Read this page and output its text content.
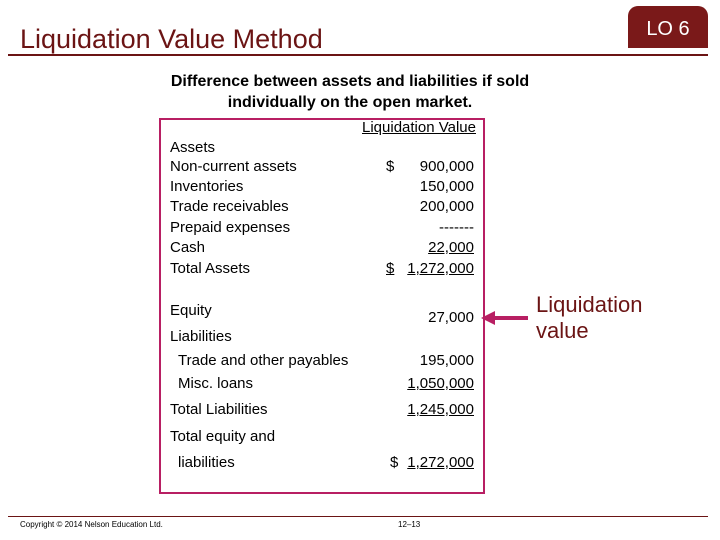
Liquidation Value Method	LO 6
Difference between assets and liabilities if sold individually on the open market.
Liquidation Value
Assets
Non-current assets	$ 900,000
Inventories	150,000
Trade receivables	200,000
Prepaid expenses	-------
Cash	22,000
Total Assets	$ 1,272,000
Equity	27,000
Liabilities
Trade and other payables	195,000
Misc. loans	1,050,000
Total Liabilities	1,245,000
Total equity and
liabilities	$ 1,272,000
Liquidation
value
Copyright © 2014 Nelson Education Ltd.	12–13
